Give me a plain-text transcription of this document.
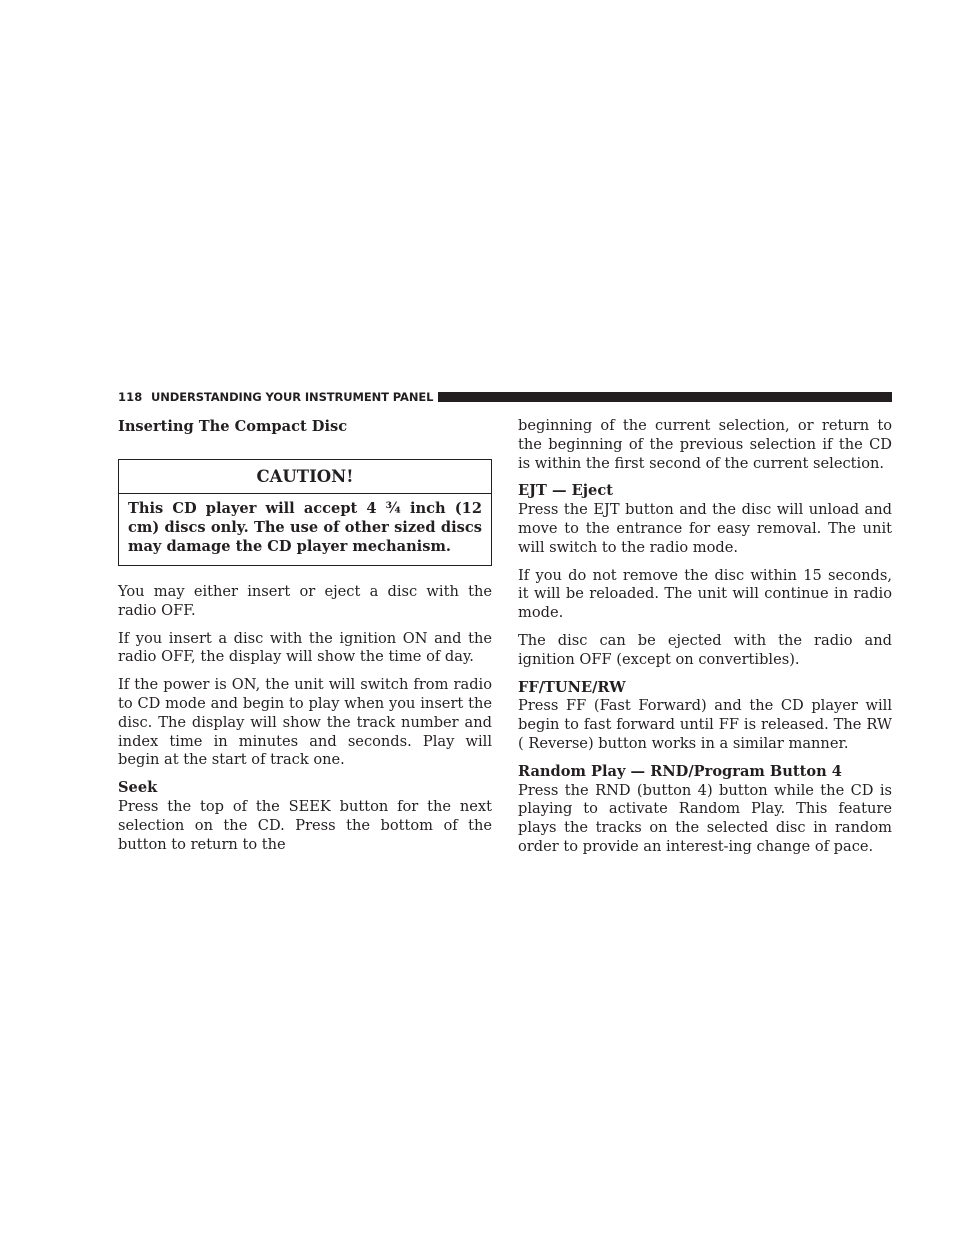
118 UNDERSTANDING YOUR INSTRUMENT PANEL
Inserting The Compact Disc
CAUTION!
This CD player will accept 4 ¾ inch (12 cm) discs only. The use of other sized discs may damage the CD player mechanism.

You may either insert or eject a disc with the radio OFF.

If you insert a disc with the ignition ON and the radio OFF, the display will show the time of day.

If the power is ON, the unit will switch from radio to CD mode and begin to play when you insert the disc. The display will show the track number and index time in minutes and seconds. Play will begin at the start of track one.

Seek

Press the top of the SEEK button for the next selection on the CD. Press the bottom of the button to return to the

beginning of the current selection, or return to the beginning of the previous selection if the CD is within the first second of the current selection.

EJT — Eject

Press the EJT button and the disc will unload and move to the entrance for easy removal. The unit will switch to the radio mode.

If you do not remove the disc within 15 seconds, it will be reloaded. The unit will continue in radio mode.

The disc can be ejected with the radio and ignition OFF (except on convertibles).

FF/TUNE/RW

Press FF (Fast Forward) and the CD player will begin to fast forward until FF is released. The RW ( Reverse) button works in a similar manner.

Random Play — RND/Program Button 4

Press the RND (button 4) button while the CD is playing to activate Random Play. This feature plays the tracks on the selected disc in random order to provide an interest-ing change of pace.
